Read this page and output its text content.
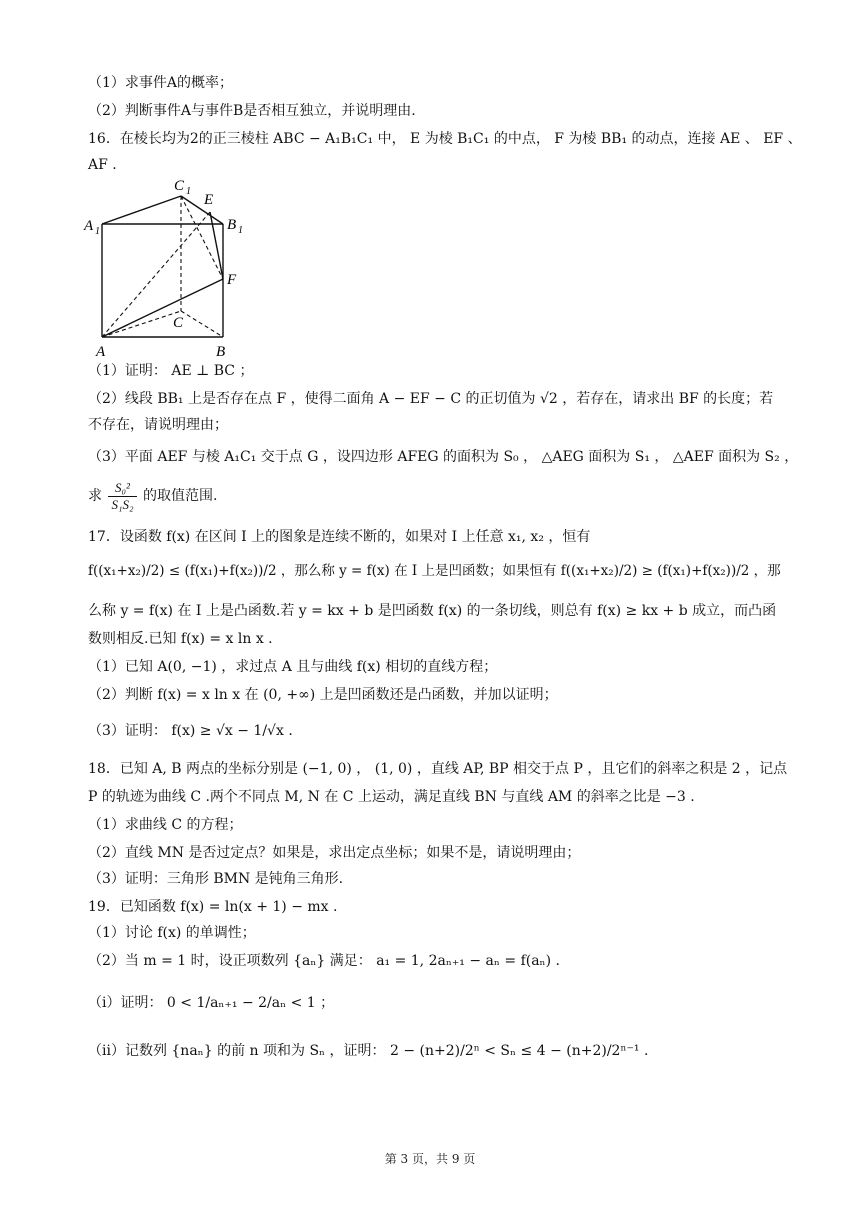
（1）求事件A的概率；
（2）判断事件A与事件B是否相互独立，并说明理由.
16．在棱长均为2的正三棱柱 ABC − A₁B₁C₁ 中， E 为棱 B₁C₁ 的中点， F 为棱 BB₁ 的动点，连接 AE 、 EF 、
AF .
C 1
E
A 1	B 1
F
C
A	B
（1）证明： AE ⊥ BC ；
（2）线段 BB₁ 上是否存在点 F ，使得二面角 A − EF − C 的正切值为 √2 ，若存在，请求出 BF 的长度；若
不存在，请说明理由；
（3）平面 AEF 与棱 A₁C₁ 交于点 G ，设四边形 AFEG 的面积为 S₀ ， △AEG 面积为 S₁ ， △AEF 面积为 S₂ ，
求 $\frac{\text{S₀²}}{\text{S₁S₂}}$ 的取值范围.
17．设函数 f(x) 在区间 I 上的图象是连续不断的，如果对 I 上任意 x₁, x₂ ，恒有
f((x₁+x₂)/2) ≤ (f(x₁)+f(x₂))/2 ，那么称 y = f(x) 在 I 上是凹函数；如果恒有 f((x₁+x₂)/2) ≥ (f(x₁)+f(x₂))/2 ，那
么称 y = f(x) 在 I 上是凸函数.若 y = kx + b 是凹函数 f(x) 的一条切线，则总有 f(x) ≥ kx + b 成立，而凸函
数则相反.已知 f(x) = x ln x .
（1）已知 A(0, −1) ，求过点 A 且与曲线 f(x) 相切的直线方程；
（2）判断 f(x) = x ln x 在 (0, +∞) 上是凹函数还是凸函数，并加以证明；
（3）证明： f(x) ≥ √x − 1/√x .
18．已知 A, B 两点的坐标分别是 (−1, 0) ， (1, 0) ，直线 AP, BP 相交于点 P ，且它们的斜率之积是 2 ，记点
P 的轨迹为曲线 C .两个不同点 M, N 在 C 上运动，满足直线 BN 与直线 AM 的斜率之比是 −3 .
（1）求曲线 C 的方程；
（2）直线 MN 是否过定点？如果是，求出定点坐标；如果不是，请说明理由；
（3）证明：三角形 BMN 是钝角三角形.
19．已知函数 f(x) = ln(x + 1) − mx .
（1）讨论 f(x) 的单调性；
（2）当 m = 1 时，设正项数列 {aₙ} 满足： a₁ = 1, 2aₙ₊₁ − aₙ = f(aₙ) .
（i）证明： 0 < 1/aₙ₊₁ − 2/aₙ < 1 ；
（ii）记数列 {naₙ} 的前 n 项和为 Sₙ ，证明： 2 − (n+2)/2ⁿ < Sₙ ≤ 4 − (n+2)/2ⁿ⁻¹ .
第 3 页，共 9 页
